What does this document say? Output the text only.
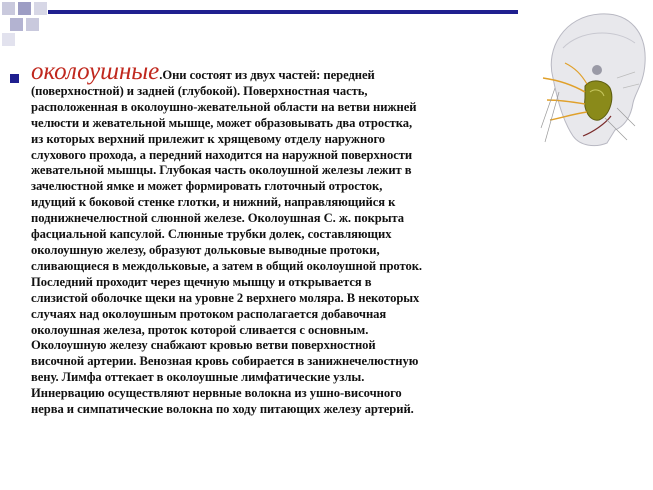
околоушные.Они состоят из двух частей: передней
(поверхностной) и задней (глубокой). Поверхностная часть,
расположенная в околоушно-жевательной области на ветви нижней
челюсти и жевательной мышце, может образовывать два отростка,
из которых верхний прилежит к хрящевому отделу наружного
слухового прохода, а передний находится на наружной поверхности
жевательной мышцы. Глубокая часть околоушной железы лежит в
зачелюстной ямке и может формировать глоточный отросток,
идущий к боковой стенке глотки, и нижний, направляющийся к
поднижнечелюстной слюнной железе. Околоушная С. ж. покрыта
фасциальной капсулой. Слюнные трубки долек, составляющих
околоушную железу, образуют дольковые выводные протоки,
сливающиеся в междольковые, а затем в общий околоушной проток.
Последний проходит через щечную мышцу и открывается в
слизистой оболочке щеки на уровне 2 верхнего моляра. В некоторых
случаях над околоушным протоком располагается добавочная
околоушная железа, проток которой сливается с основным.
Околоушную железу снабжают кровью ветви поверхностной
височной артерии. Венозная кровь собирается в занижнечелюстную
вену. Лимфа оттекает в околоушные лимфатические узлы.
Иннервацию осуществляют нервные волокна из ушно-височного
нерва и симпатические волокна по ходу питающих железу артерий.
